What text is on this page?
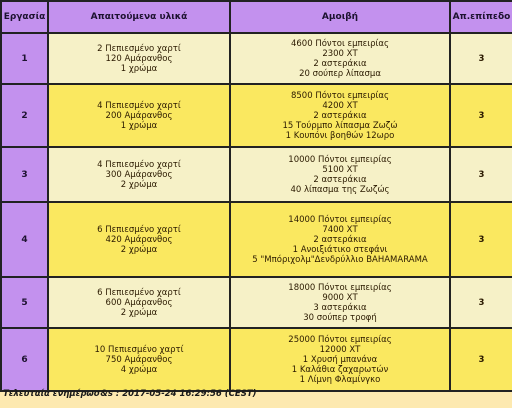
Εργασία	Απαιτούμενα υλικά	Αμοιβή	Απ.επίπεδο
1	2 Πεπιεσμένο χαρτί
120 Αμάρανθος
1 χρώμα	4600 Πόντοι εμπειρίας
2300 ΧΤ
2 αστεράκια
20 σούπερ λίπασμα	3
2	4 Πεπιεσμένο χαρτί
200 Αμάρανθος
1 χρώμα	8500 Πόντοι εμπειρίας
4200 ΧΤ
2 αστεράκια
15 Τούρμπο λίπασμα Ζωζώ
1 Κουπόνι βοηθών 12ωρο	3
3	4 Πεπιεσμένο χαρτί
300 Αμάρανθος
2 χρώμα	10000 Πόντοι εμπειρίας
5100 ΧΤ
2 αστεράκια
40 λίπασμα της Ζωζώς	3
4	6 Πεπιεσμένο χαρτί
420 Αμάρανθος
2 χρώμα	14000 Πόντοι εμπειρίας
7400 ΧΤ
2 αστεράκια
1 Ανοιξιάτικο στεφάνι
5 "Μπόριχολμ"Δενδρύλλιο BAHAMARAMA	3
5	6 Πεπιεσμένο χαρτί
600 Αμάρανθος
2 χρώμα	18000 Πόντοι εμπειρίας
9000 ΧΤ
3 αστεράκια
30 σούπερ τροφή	3
6	10 Πεπιεσμένο χαρτί
750 Αμάρανθος
4 χρώμα	25000 Πόντοι εμπειρίας
12000 ΧΤ
1 Χρυσή μπανάνα
1 Καλάθια ζαχαρωτών
1 Λίμνη Φλαμίνγκο	3
Τελευταία ενημέρωσ&s : 2017-05-24 16:29:56 (CEST)
